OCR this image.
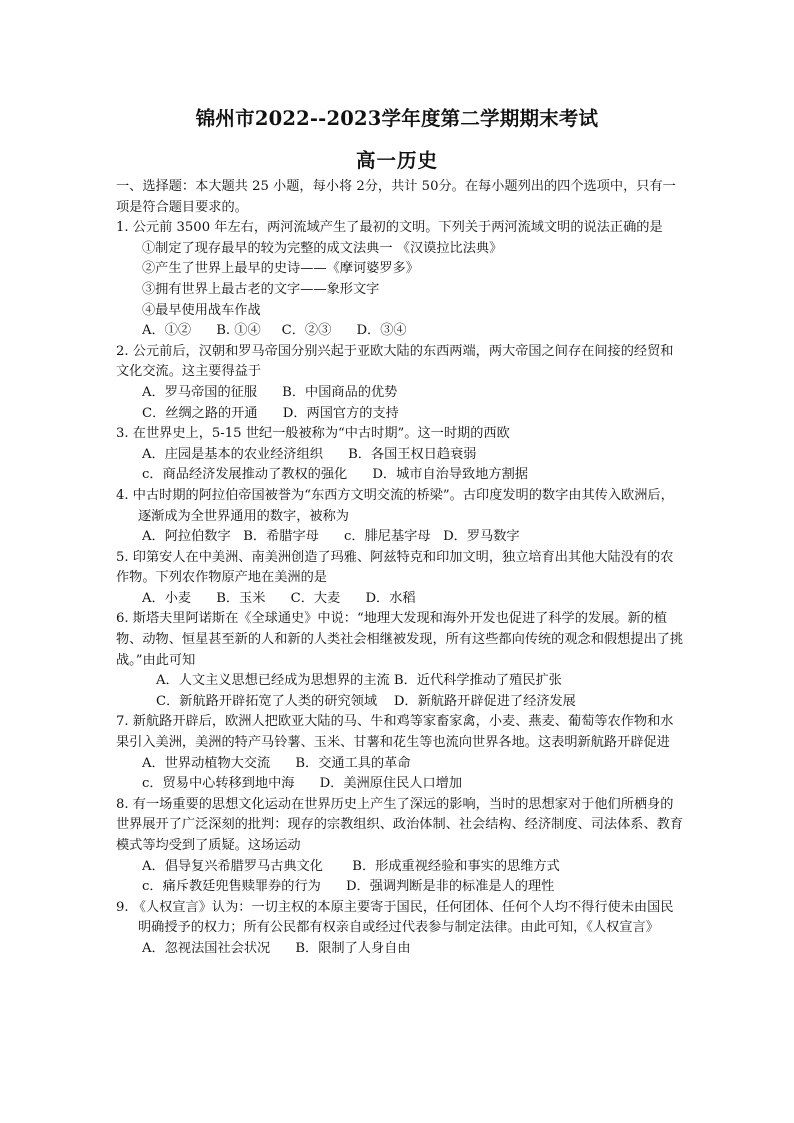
锦州市2022--2023学年度第二学期期末考试
高一历史

一、选择题：本大题共 25 小题，每小将 2分，共计 50分。在每小题列出的四个选项中，只有一项是符合题目要求的。

1. 公元前 3500 年左右，两河流域产生了最初的文明。下列关于两河流域文明的说法正确的是

①制定了现存最早的较为完整的成文法典一 《汉谟拉比法典》

②产生了世界上最早的史诗——《摩诃婆罗多》

③拥有世界上最古老的文字——象形文字

④最早使用战车作战

A．①②      B. ①④     C．②③      D．③④

2. 公元前后，汉朝和罗马帝国分别兴起于亚欧大陆的东西两端，两大帝国之间存在间接的经贸和文化交流。这主要得益于

A．罗马帝国的征服      B．中国商品的优势

C．丝绸之路的开通      D．两国官方的支持

3. 在世界史上，5-15 世纪一般被称为“中古时期”。这一时期的西欧

A．庄园是基本的农业经济组织      B．各国王权日趋衰弱

c．商品经济发展推动了教权的强化      D．城市自治导致地方割据

4. 中古时期的阿拉伯帝国被誉为“东西方文明交流的桥梁”。古印度发明的数字由其传入欧洲后，逐渐成为全世界通用的数字，被称为

A．阿拉伯数字   B．希腊字母      c．腓尼基字母   D．罗马数字

5. 印第安人在中美洲、南美洲创造了玛雅、阿兹特克和印加文明，独立培育出其他大陆没有的农作物。下列农作物原产地在美洲的是

A．小麦      B．玉米      C．大麦      D．水稻

6. 斯塔夫里阿诺斯在《全球通史》中说：“地理大发现和海外开发也促进了科学的发展。新的植物、动物、恒星甚至新的人和新的人类社会相继被发现，所有这些都向传统的观念和假想提出了挑战。”由此可知

A．人文主义思想已经成为思想界的主流 B．近代科学推动了殖民扩张

C．新航路开辟拓宽了人类的研究领域    D．新航路开辟促进了经济发展

7. 新航路开辟后，欧洲人把欧亚大陆的马、牛和鸡等家畜家禽，小麦、燕麦、葡萄等农作物和水果引入美洲，美洲的特产马铃薯、玉米、甘薯和花生等也流向世界各地。这表明新航路开辟促进

A．世界动植物大交流      B．交通工具的革命

c．贸易中心转移到地中海      D．美洲原住民人口增加

8. 有一场重要的思想文化运动在世界历史上产生了深远的影响，当时的思想家对于他们所栖身的世界展开了广泛深刻的批判：现存的宗教组织、政治体制、社会结构、经济制度、司法体系、教育模式等均受到了质疑。这场运动

A．倡导复兴希腊罗马古典文化       B．形成重视经验和事实的思维方式

c．痛斥教廷兜售赎罪券的行为      D．强调判断是非的标准是人的理性

9. 《人权宣言》认为：一切主权的本原主要寄于国民，任何团体、任何个人均不得行使未由国民明确授予的权力；所有公民都有权亲自或经过代表参与制定法律。由此可知，《人权宣言》

A．忽视法国社会状况      B．限制了人身自由
